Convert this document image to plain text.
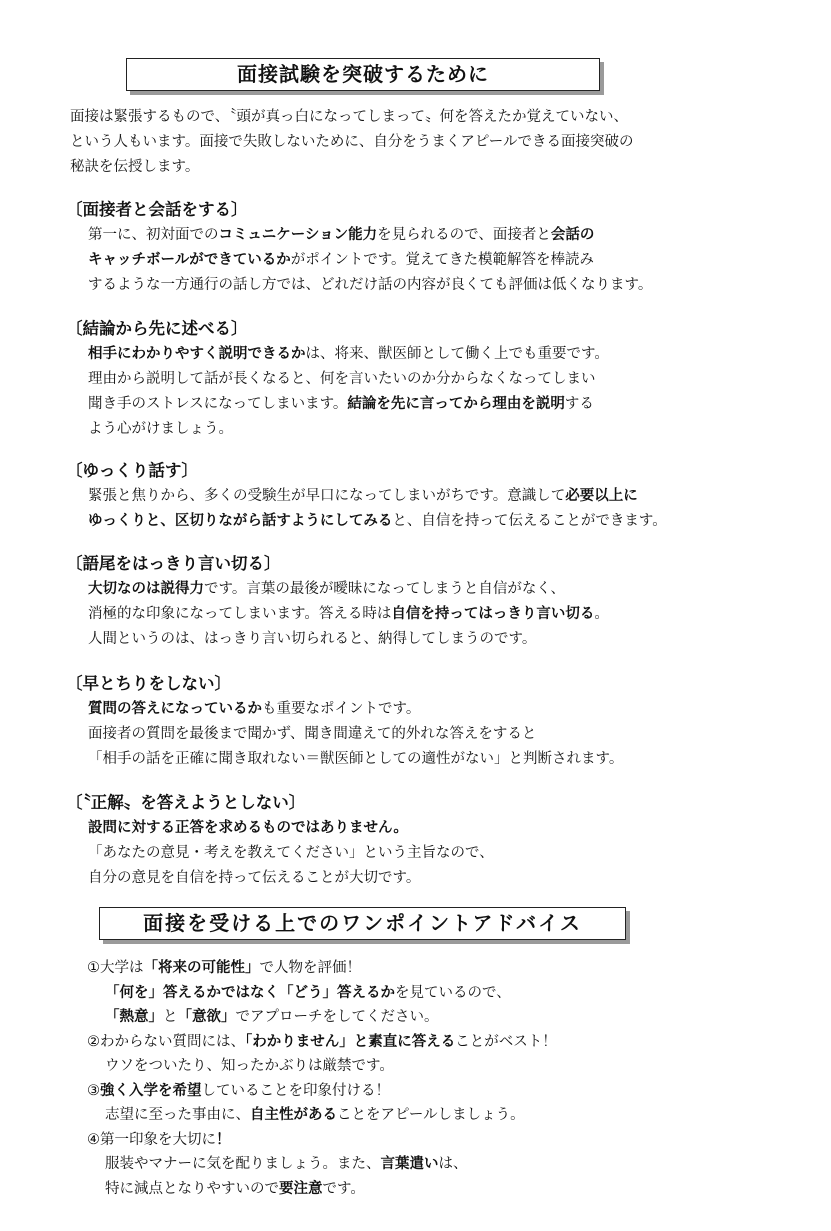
面接試験を突破するために
面接は緊張するもので、〝頭が真っ白になってしまって〟何を答えたか覚えていない、
という人もいます。面接で失敗しないために、自分をうまくアピールできる面接突破の
秘訣を伝授します。
〔面接者と会話をする〕
第一に、初対面でのコミュニケーション能力を見られるので、面接者と会話の
キャッチボールができているかがポイントです。覚えてきた模範解答を棒読み
するような一方通行の話し方では、どれだけ話の内容が良くても評価は低くなります。
〔結論から先に述べる〕
相手にわかりやすく説明できるかは、将来、獣医師として働く上でも重要です。
理由から説明して話が長くなると、何を言いたいのか分からなくなってしまい
聞き手のストレスになってしまいます。結論を先に言ってから理由を説明する
よう心がけましょう。
〔ゆっくり話す〕
緊張と焦りから、多くの受験生が早口になってしまいがちです。意識して必要以上に
ゆっくりと、区切りながら話すようにしてみると、自信を持って伝えることができます。
〔語尾をはっきり言い切る〕
大切なのは説得力です。言葉の最後が曖昧になってしまうと自信がなく、
消極的な印象になってしまいます。答える時は自信を持ってはっきり言い切る。
人間というのは、はっきり言い切られると、納得してしまうのです。
〔早とちりをしない〕
質問の答えになっているかも重要なポイントです。
面接者の質問を最後まで聞かず、聞き間違えて的外れな答えをすると
「相手の話を正確に聞き取れない＝獣医師としての適性がない」と判断されます。
〔〝正解〟を答えようとしない〕
設問に対する正答を求めるものではありません。
「あなたの意見・考えを教えてください」という主旨なので、
自分の意見を自信を持って伝えることが大切です。
面接を受ける上でのワンポイントアドバイス
①大学は「将来の可能性」で人物を評価！
「何を」答えるかではなく「どう」答えるかを見ているので、
「熱意」と「意欲」でアプローチをしてください。
②わからない質問には、「わかりません」と素直に答えることがベスト！
ウソをついたり、知ったかぶりは厳禁です。
③強く入学を希望していることを印象付ける！
志望に至った事由に、自主性があることをアピールしましょう。
④第一印象を大切に！
服装やマナーに気を配りましょう。また、言葉遣いは、
特に減点となりやすいので要注意です。
